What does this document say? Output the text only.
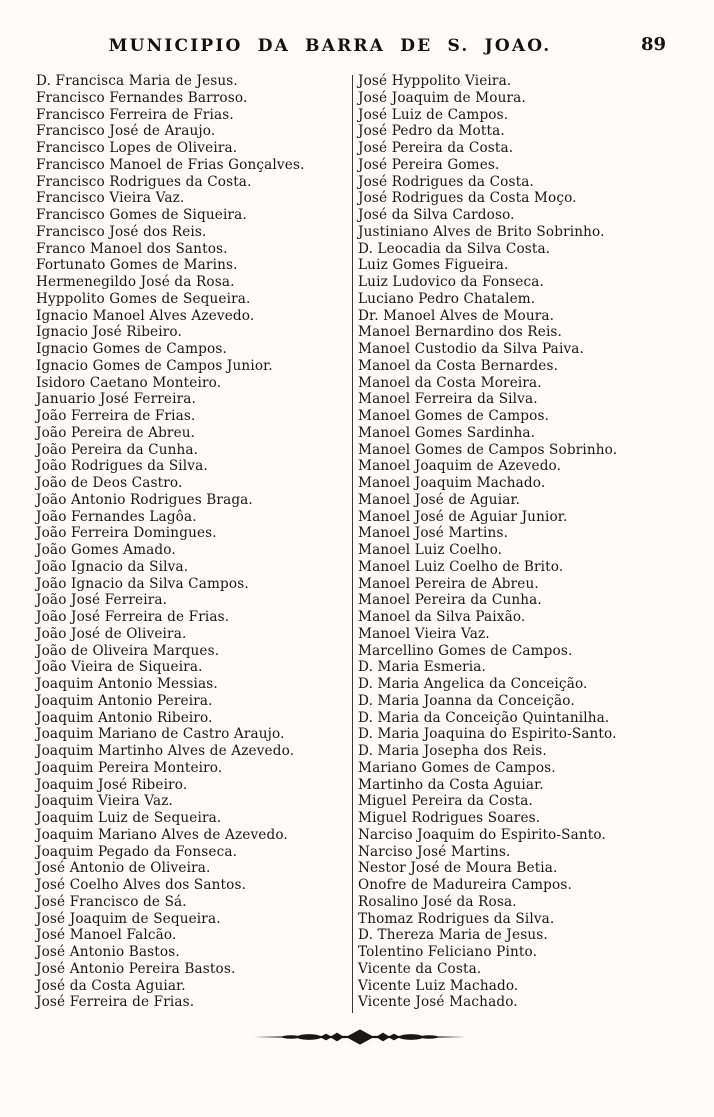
MUNICIPIO DA BARRA DE S. JOAO.	89
D. Francisca Maria de Jesus.
Francisco Fernandes Barroso.
Francisco Ferreira de Frias.
Francisco José de Araujo.
Francisco Lopes de Oliveira.
Francisco Manoel de Frias Gonçalves.
Francisco Rodrigues da Costa.
Francisco Vieira Vaz.
Francisco Gomes de Siqueira.
Francisco José dos Reis.
Franco Manoel dos Santos.
Fortunato Gomes de Marins.
Hermenegildo José da Rosa.
Hyppolito Gomes de Sequeira.
Ignacio Manoel Alves Azevedo.
Ignacio José Ribeiro.
Ignacio Gomes de Campos.
Ignacio Gomes de Campos Junior.
Isidoro Caetano Monteiro.
Januario José Ferreira.
João Ferreira de Frias.
João Pereira de Abreu.
João Pereira da Cunha.
João Rodrigues da Silva.
João de Deos Castro.
João Antonio Rodrigues Braga.
João Fernandes Lagôa.
João Ferreira Domingues.
João Gomes Amado.
João Ignacio da Silva.
João Ignacio da Silva Campos.
João José Ferreira.
João José Ferreira de Frias.
João José de Oliveira.
João de Oliveira Marques.
João Vieira de Siqueira.
Joaquim Antonio Messias.
Joaquim Antonio Pereira.
Joaquim Antonio Ribeiro.
Joaquim Mariano de Castro Araujo.
Joaquim Martinho Alves de Azevedo.
Joaquim Pereira Monteiro.
Joaquim José Ribeiro.
Joaquim Vieira Vaz.
Joaquim Luiz de Sequeira.
Joaquim Mariano Alves de Azevedo.
Joaquim Pegado da Fonseca.
José Antonio de Oliveira.
José Coelho Alves dos Santos.
José Francisco de Sá.
José Joaquim de Sequeira.
José Manoel Falcão.
José Antonio Bastos.
José Antonio Pereira Bastos.
José da Costa Aguiar.
José Ferreira de Frias.
José Hyppolito Vieira.
José Joaquim de Moura.
José Luiz de Campos.
José Pedro da Motta.
José Pereira da Costa.
José Pereira Gomes.
José Rodrigues da Costa.
José Rodrigues da Costa Moço.
José da Silva Cardoso.
Justiniano Alves de Brito Sobrinho.
D. Leocadia da Silva Costa.
Luiz Gomes Figueira.
Luiz Ludovico da Fonseca.
Luciano Pedro Chatalem.
Dr. Manoel Alves de Moura.
Manoel Bernardino dos Reis.
Manoel Custodio da Silva Paiva.
Manoel da Costa Bernardes.
Manoel da Costa Moreira.
Manoel Ferreira da Silva.
Manoel Gomes de Campos.
Manoel Gomes Sardinha.
Manoel Gomes de Campos Sobrinho.
Manoel Joaquim de Azevedo.
Manoel Joaquim Machado.
Manoel José de Aguiar.
Manoel José de Aguiar Junior.
Manoel José Martins.
Manoel Luiz Coelho.
Manoel Luiz Coelho de Brito.
Manoel Pereira de Abreu.
Manoel Pereira da Cunha.
Manoel da Silva Paixão.
Manoel Vieira Vaz.
Marcellino Gomes de Campos.
D. Maria Esmeria.
D. Maria Angelica da Conceição.
D. Maria Joanna da Conceição.
D. Maria da Conceição Quintanilha.
D. Maria Joaquina do Espirito-Santo.
D. Maria Josepha dos Reis.
Mariano Gomes de Campos.
Martinho da Costa Aguiar.
Miguel Pereira da Costa.
Miguel Rodrigues Soares.
Narciso Joaquim do Espirito-Santo.
Narciso José Martins.
Nestor José de Moura Betia.
Onofre de Madureira Campos.
Rosalino José da Rosa.
Thomaz Rodrigues da Silva.
D. Thereza Maria de Jesus.
Tolentino Feliciano Pinto.
Vicente da Costa.
Vicente Luiz Machado.
Vicente José Machado.
